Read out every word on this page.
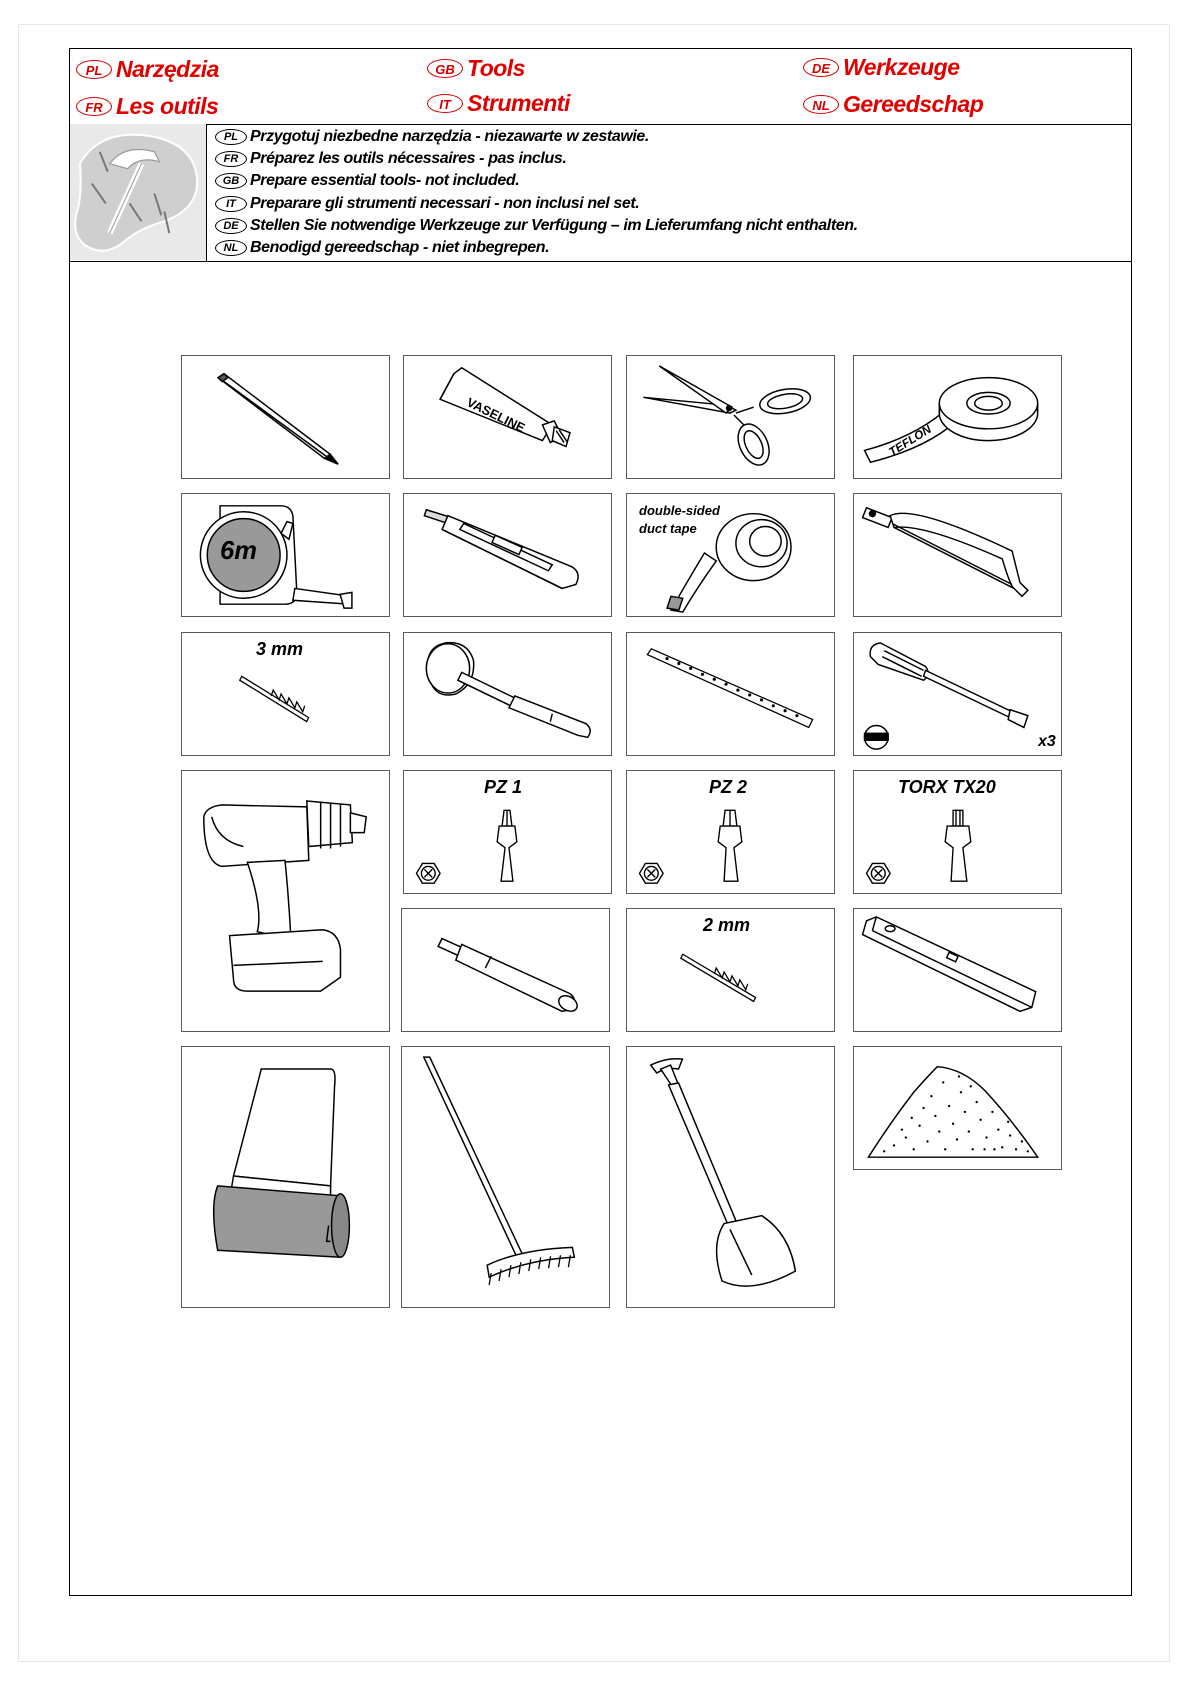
PL Narzędzia	GB Tools	DE Werkzeuge
FR Les outils	IT Strumenti	NL Gereedschap
PL Przygotuj niezbedne narzędzia - niezawarte w zestawie.
FR Préparez les outils nécessaires - pas inclus.
GB Prepare essential tools- not included.
IT Preparare gli strumenti necessari - non inclusi nel set.
DE Stellen Sie notwendige Werkzeuge zur Verfügung – im Lieferumfang nicht enthalten.
NL Benodigd gereedschap - niet inbegrepen.
VASELINE
TEFLON
6m
double-sided
duct tape
3 mm
x3
PZ 1	PZ 2	TORX TX20
2 mm
